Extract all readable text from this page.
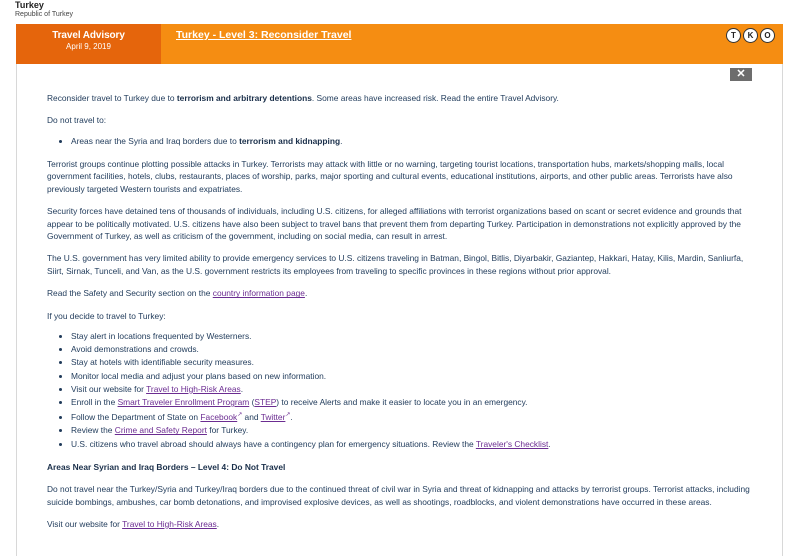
Turkey
Republic of Turkey
Travel Advisory
April 9, 2019
Turkey - Level 3: Reconsider Travel	T	K	O
✕

Reconsider travel to Turkey due to terrorism and arbitrary detentions. Some areas have increased risk. Read the entire Travel Advisory.

Do not travel to:

• Areas near the Syria and Iraq borders due to terrorism and kidnapping.

Terrorist groups continue plotting possible attacks in Turkey. Terrorists may attack with little or no warning, targeting tourist locations, transportation hubs, markets/shopping malls, local government facilities, hotels, clubs, restaurants, places of worship, parks, major sporting and cultural events, educational institutions, airports, and other public areas. Terrorists have also previously targeted Western tourists and expatriates.

Security forces have detained tens of thousands of individuals, including U.S. citizens, for alleged affiliations with terrorist organizations based on scant or secret evidence and grounds that appear to be politically motivated. U.S. citizens have also been subject to travel bans that prevent them from departing Turkey. Participation in demonstrations not explicitly approved by the Government of Turkey, as well as criticism of the government, including on social media, can result in arrest.

The U.S. government has very limited ability to provide emergency services to U.S. citizens traveling in Batman, Bingol, Bitlis, Diyarbakir, Gaziantep, Hakkari, Hatay, Kilis, Mardin, Sanliurfa, Siirt, Sirnak, Tunceli, and Van, as the U.S. government restricts its employees from traveling to specific provinces in these regions without prior approval.

Read the Safety and Security section on the country information page.

If you decide to travel to Turkey:

• Stay alert in locations frequented by Westerners.
• Avoid demonstrations and crowds.
• Stay at hotels with identifiable security measures.
• Monitor local media and adjust your plans based on new information.
• Visit our website for Travel to High-Risk Areas.
• Enroll in the Smart Traveler Enrollment Program (STEP) to receive Alerts and make it easier to locate you in an emergency.
• Follow the Department of State on Facebook↗ and Twitter↗.
• Review the Crime and Safety Report for Turkey.
• U.S. citizens who travel abroad should always have a contingency plan for emergency situations. Review the Traveler's Checklist.

Areas Near Syrian and Iraq Borders – Level 4: Do Not Travel

Do not travel near the Turkey/Syria and Turkey/Iraq borders due to the continued threat of civil war in Syria and threat of kidnapping and attacks by terrorist groups. Terrorist attacks, including suicide bombings, ambushes, car bomb detonations, and improvised explosive devices, as well as shootings, roadblocks, and violent demonstrations have occurred in these areas.

Visit our website for Travel to High-Risk Areas.
